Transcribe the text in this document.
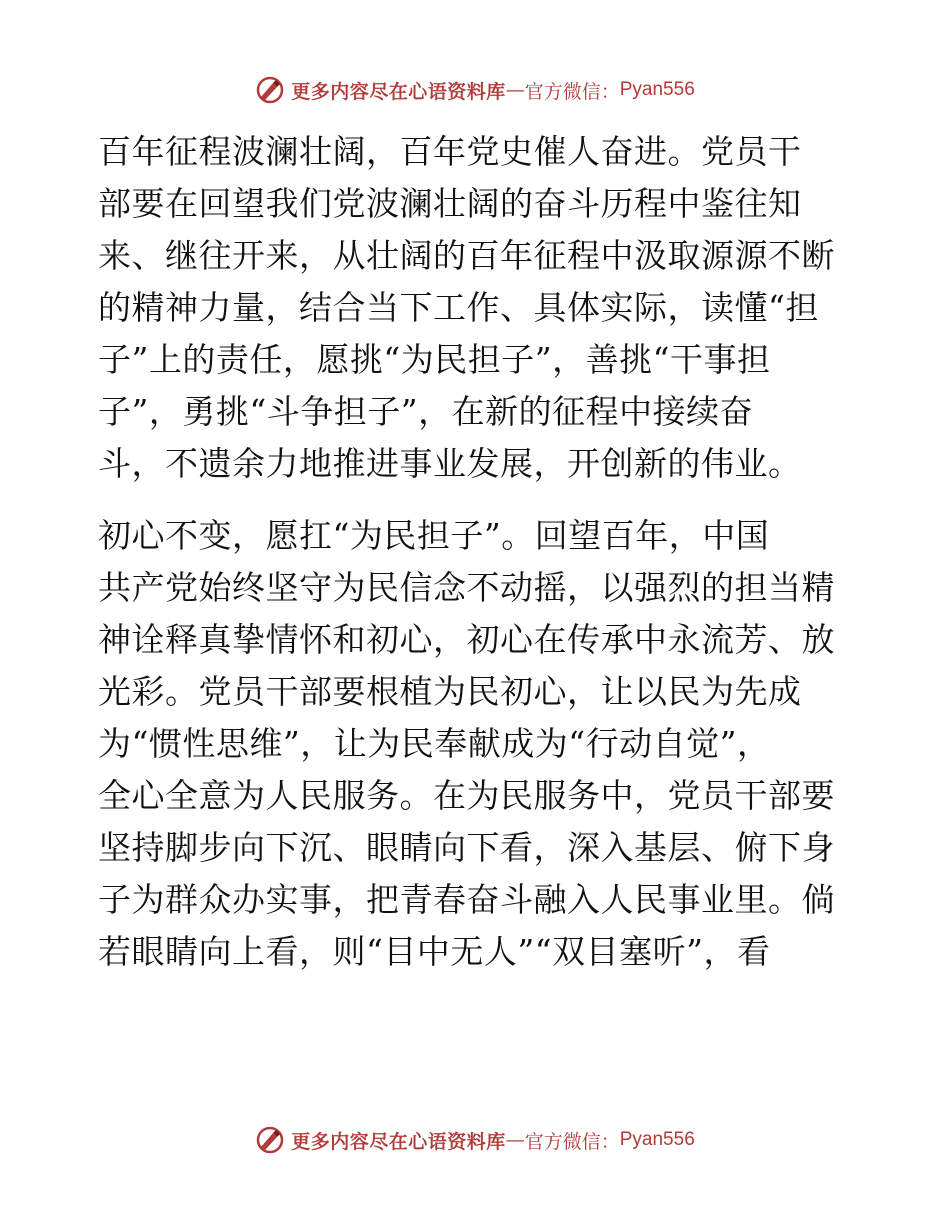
更多内容尽在心语资料库 — 官方微信： Pyan556
百年征程波澜壮阔，百年党史催人奋进。党员干
部要在回望我们党波澜壮阔的奋斗历程中鉴往知
来、继往开来，从壮阔的百年征程中汲取源源不断
的精神力量，结合当下工作、具体实际，读懂“担
子”上的责任，愿挑“为民担子”，善挑“干事担
子”，勇挑“斗争担子”，在新的征程中接续奋
斗，不遗余力地推进事业发展，开创新的伟业。
初心不变，愿扛“为民担子”。回望百年，中国
共产党始终坚守为民信念不动摇，以强烈的担当精
神诠释真挚情怀和初心，初心在传承中永流芳、放
光彩。党员干部要根植为民初心，让以民为先成
为“惯性思维”，让为民奉献成为“行动自觉”，
全心全意为人民服务。在为民服务中，党员干部要
坚持脚步向下沉、眼睛向下看，深入基层、俯下身
子为群众办实事，把青春奋斗融入人民事业里。倘
若眼睛向上看，则“目中无人”“双目塞听”，看
更多内容尽在心语资料库 — 官方微信： Pyan556
